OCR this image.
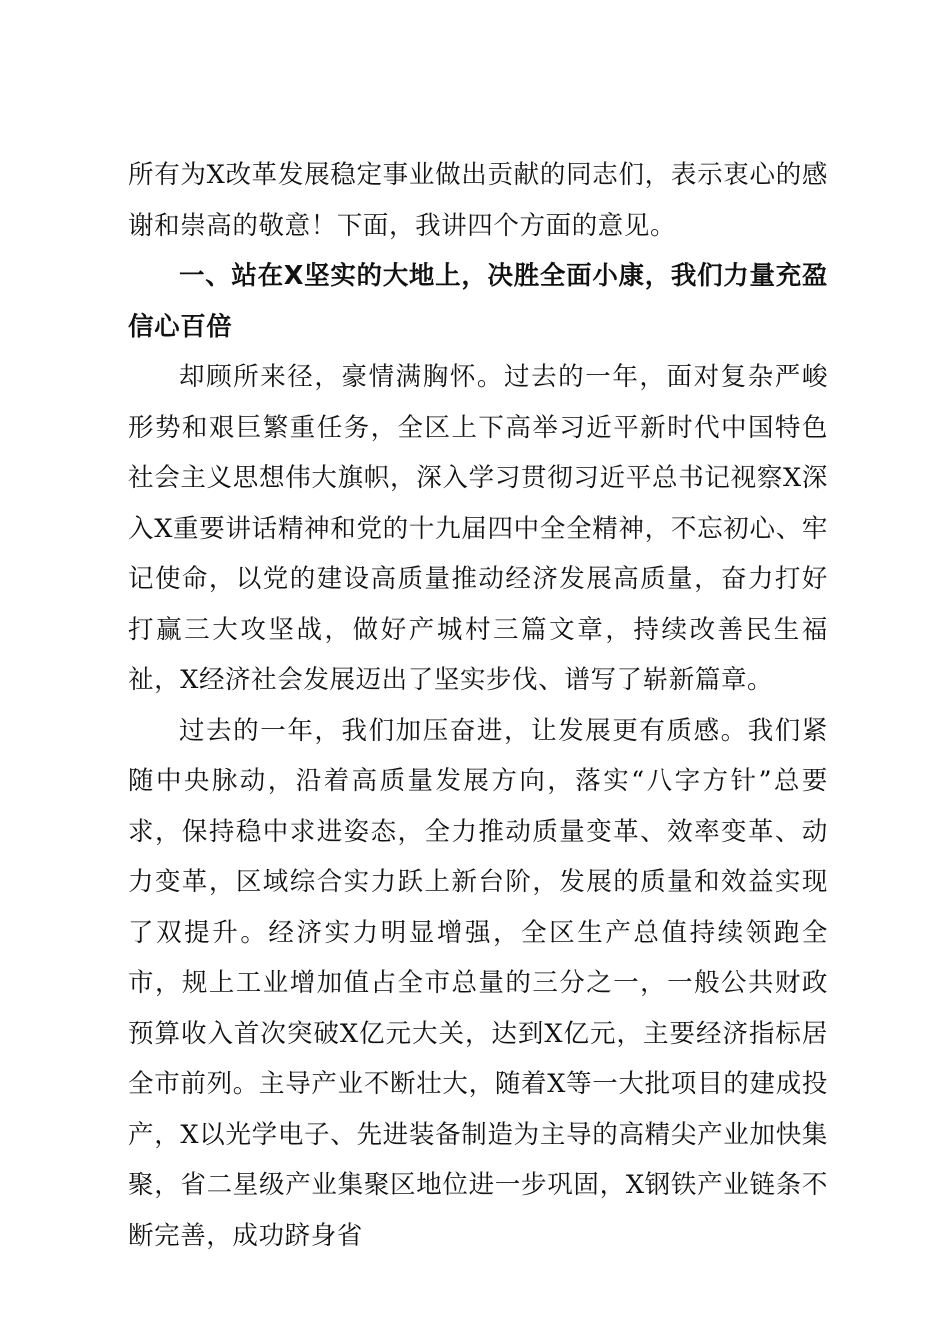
所有为X改革发展稳定事业做出贡献的同志们，表示衷心的感谢和崇高的敬意！下面，我讲四个方面的意见。

一、站在X坚实的大地上，决胜全面小康，我们力量充盈信心百倍

却顾所来径，豪情满胸怀。过去的一年，面对复杂严峻形势和艰巨繁重任务，全区上下高举习近平新时代中国特色社会主义思想伟大旗帜，深入学习贯彻习近平总书记视察X深入X重要讲话精神和党的十九届四中全全精神，不忘初心、牢记使命，以党的建设高质量推动经济发展高质量，奋力打好打赢三大攻坚战，做好产城村三篇文章，持续改善民生福祉，X经济社会发展迈出了坚实步伐、谱写了崭新篇章。

过去的一年，我们加压奋进，让发展更有质感。我们紧随中央脉动，沿着高质量发展方向，落实“八字方针”总要求，保持稳中求进姿态，全力推动质量变革、效率变革、动力变革，区域综合实力跃上新台阶，发展的质量和效益实现了双提升。经济实力明显增强，全区生产总值持续领跑全市，规上工业增加值占全市总量的三分之一，一般公共财政预算收入首次突破X亿元大关，达到X亿元，主要经济指标居全市前列。主导产业不断壮大，随着X等一大批项目的建成投产，X以光学电子、先进装备制造为主导的高精尖产业加快集聚，省二星级产业集聚区地位进一步巩固，X钢铁产业链条不断完善，成功跻身省
